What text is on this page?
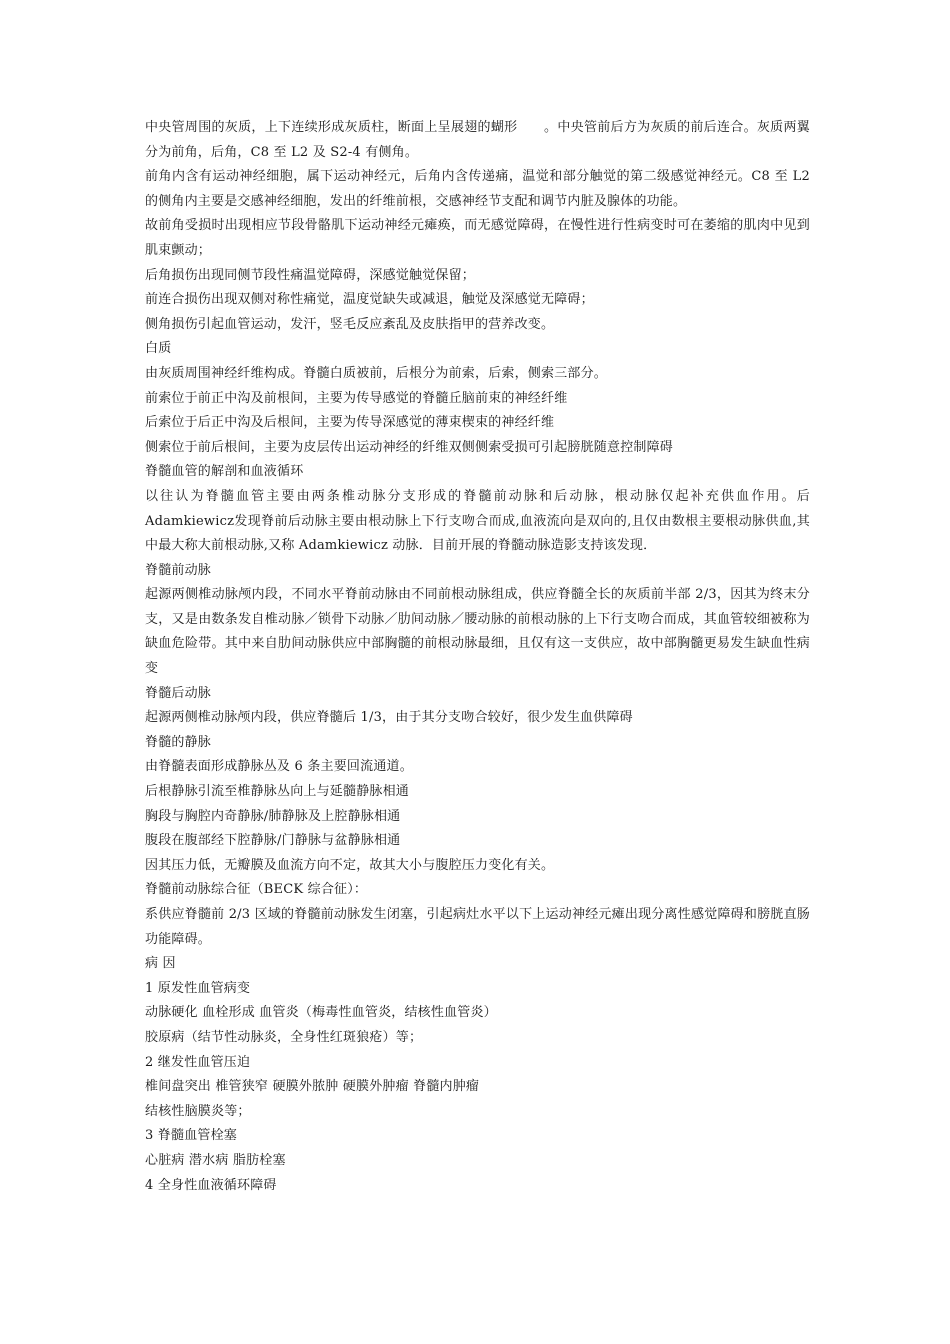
中央管周围的灰质，上下连续形成灰质柱，断面上呈展翅的蝴形　　。中央管前后方为灰质的前后连合。灰质两翼分为前角，后角，C8 至 L2 及 S2-4 有侧角。

前角内含有运动神经细胞，属下运动神经元，后角内含传递痛，温觉和部分触觉的第二级感觉神经元。C8 至 L2 的侧角内主要是交感神经细胞，发出的纤维前根，交感神经节支配和调节内脏及腺体的功能。

故前角受损时出现相应节段骨骼肌下运动神经元瘫痪，而无感觉障碍，在慢性进行性病变时可在萎缩的肌肉中见到肌束颤动；

后角损伤出现同侧节段性痛温觉障碍，深感觉触觉保留；

前连合损伤出现双侧对称性痛觉，温度觉缺失或减退，触觉及深感觉无障碍；

侧角损伤引起血管运动，发汗，竖毛反应紊乱及皮肤指甲的营养改变。

白质

由灰质周围神经纤维构成。脊髓白质被前，后根分为前索，后索，侧索三部分。

前索位于前正中沟及前根间，主要为传导感觉的脊髓丘脑前束的神经纤维

后索位于后正中沟及后根间，主要为传导深感觉的薄束楔束的神经纤维

侧索位于前后根间，主要为皮层传出运动神经的纤维双侧侧索受损可引起膀胱随意控制障碍

脊髓血管的解剖和血液循环

以往认为脊髓血管主要由两条椎动脉分支形成的脊髓前动脉和后动脉，根动脉仅起补充供血作用。后 Adamkiewicz发现脊前后动脉主要由根动脉上下行支吻合而成,血液流向是双向的,且仅由数根主要根动脉供血,其中最大称大前根动脉,又称 Adamkiewicz 动脉．目前开展的脊髓动脉造影支持该发现．

脊髓前动脉

起源两侧椎动脉颅内段，不同水平脊前动脉由不同前根动脉组成，供应脊髓全长的灰质前半部 2/3，因其为终末分支，又是由数条发自椎动脉／锁骨下动脉／肋间动脉／腰动脉的前根动脉的上下行支吻合而成，其血管较细被称为缺血危险带。其中来自肋间动脉供应中部胸髓的前根动脉最细，且仅有这一支供应，故中部胸髓更易发生缺血性病变

脊髓后动脉

起源两侧椎动脉颅内段，供应脊髓后 1/3，由于其分支吻合较好，很少发生血供障碍

脊髓的静脉

由脊髓表面形成静脉丛及 6 条主要回流通道。

后根静脉引流至椎静脉丛向上与延髓静脉相通

胸段与胸腔内奇静脉/肺静脉及上腔静脉相通

腹段在腹部经下腔静脉/门静脉与盆静脉相通

因其压力低，无瓣膜及血流方向不定，故其大小与腹腔压力变化有关。

脊髓前动脉综合征（BECK 综合征）：

系供应脊髓前 2/3 区域的脊髓前动脉发生闭塞，引起病灶水平以下上运动神经元瘫出现分离性感觉障碍和膀胱直肠功能障碍。

病 因

1 原发性血管病变

动脉硬化 血栓形成 血管炎（梅毒性血管炎，结核性血管炎）

胶原病（结节性动脉炎，全身性红斑狼疮）等；

2 继发性血管压迫

椎间盘突出 椎管狭窄 硬膜外脓肿 硬膜外肿瘤 脊髓内肿瘤

结核性脑膜炎等；

3 脊髓血管栓塞

心脏病 潜水病 脂肪栓塞

4 全身性血液循环障碍
